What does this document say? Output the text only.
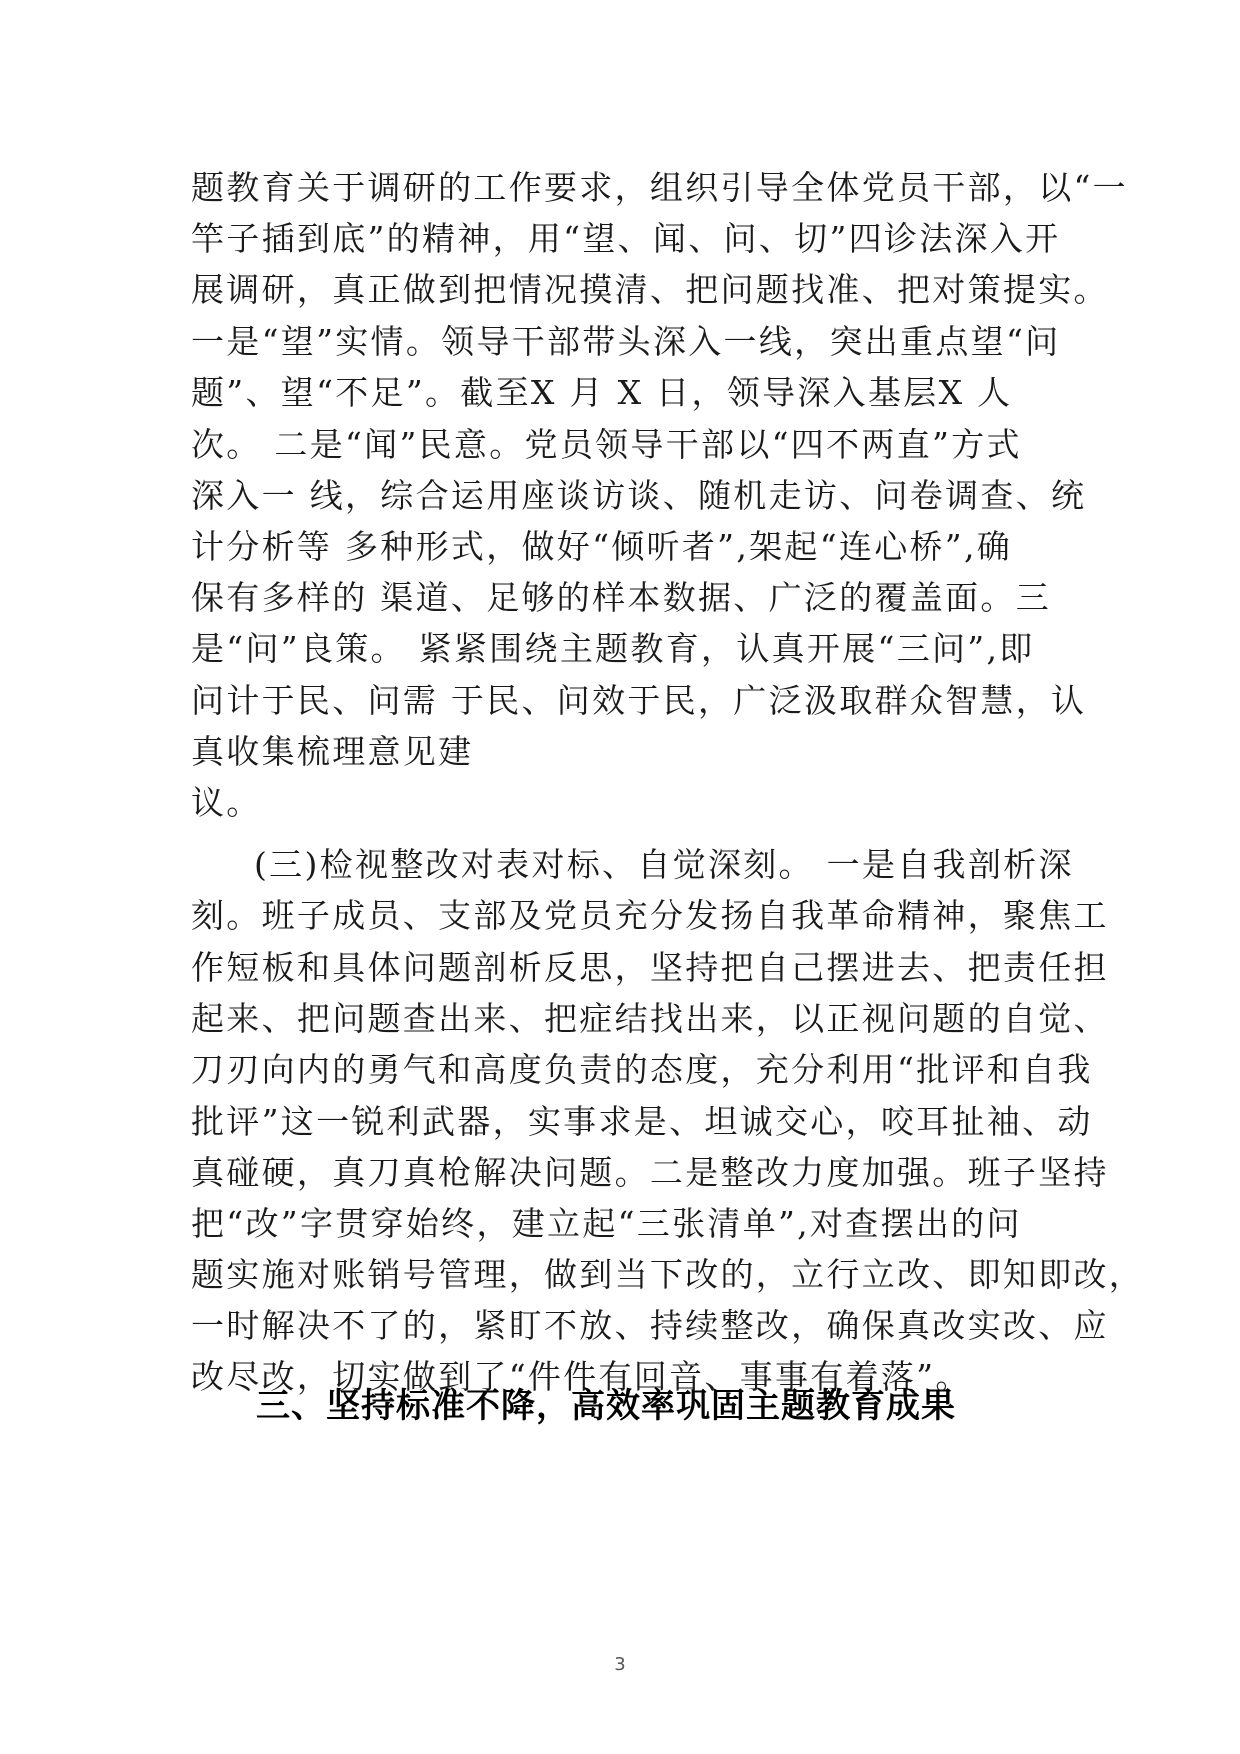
题教育关于调研的工作要求，组织引导全体党员干部，以“一
竿子插到底”的精神，用“望、闻、问、切”四诊法深入开
展调研，真正做到把情况摸清、把问题找准、把对策提实。
一是“望”实情。领导干部带头深入一线，突出重点望“问
题”、望“不足”。截至X 月 X 日，领导深入基层X 人
次。 二是“闻”民意。党员领导干部以“四不两直”方式
深入一 线，综合运用座谈访谈、随机走访、问卷调查、统
计分析等 多种形式，做好“倾听者”,架起“连心桥”,确
保有多样的 渠道、足够的样本数据、广泛的覆盖面。三
是“问”良策。 紧紧围绕主题教育，认真开展“三问”,即
问计于民、问需 于民、问效于民，广泛汲取群众智慧，认
真收集梳理意见建
议。
(三)检视整改对表对标、自觉深刻。 一是自我剖析深
刻。班子成员、支部及党员充分发扬自我革命精神，聚焦工
作短板和具体问题剖析反思，坚持把自己摆进去、把责任担
起来、把问题查出来、把症结找出来，以正视问题的自觉、
刀刃向内的勇气和高度负责的态度，充分利用“批评和自我
批评”这一锐利武器，实事求是、坦诚交心，咬耳扯袖、动
真碰硬，真刀真枪解决问题。二是整改力度加强。班子坚持
把“改”字贯穿始终，建立起“三张清单”,对查摆出的问
题实施对账销号管理，做到当下改的，立行立改、即知即改，
一时解决不了的，紧盯不放、持续整改，确保真改实改、应
改尽改，切实做到了“件件有回音、事事有着落”。
三、坚持标准不降，高效率巩固主题教育成果
3
